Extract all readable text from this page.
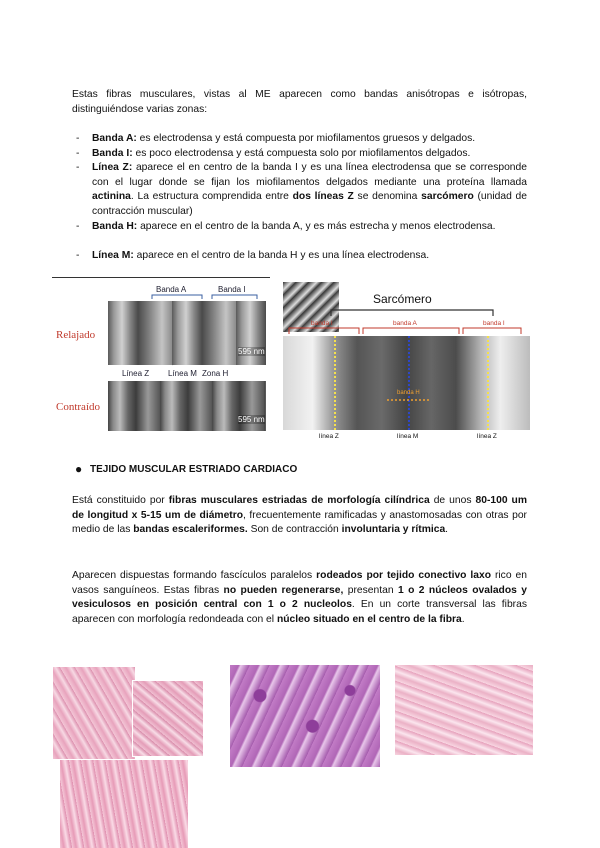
Estas fibras musculares, vistas al ME aparecen como bandas anisótropas e isótropas, distinguiéndose varias zonas:
- Banda A: es electrodensa y está compuesta por miofilamentos gruesos y delgados.
- Banda I: es poco electrodensa y está compuesta solo por miofilamentos delgados.
- Línea Z: aparece el en centro de la banda I y es una línea electrodensa que se corresponde con el lugar donde se fijan los miofilamentos delgados mediante una proteína llamada actinina. La estructura comprendida entre dos líneas Z se denomina sarcómero (unidad de contracción muscular)
- Banda H: aparece en el centro de la banda A, y es más estrecha y menos electrodensa.
- Línea M: aparece en el centro de la banda H y es una línea electrodensa.
Banda A	Banda I
595 nm
Relajado
Línea Z Línea M Zona H
595 nm
Contraído
Sarcómero
banda I	banda A	banda I
banda H
línea Z	línea M	línea Z
● TEJIDO MUSCULAR ESTRIADO CARDIACO
Está constituido por fibras musculares estriadas de morfología cilíndrica de unos 80-100 um de longitud x 5-15 um de diámetro, frecuentemente ramificadas y anastomosadas con otras por medio de las bandas escaleriformes. Son de contracción involuntaria y rítmica.
Aparecen dispuestas formando fascículos paralelos rodeados por tejido conectivo laxo rico en vasos sanguíneos. Estas fibras no pueden regenerarse, presentan 1 o 2 núcleos ovalados y vesiculosos en posición central con 1 o 2 nucleolos. En un corte transversal las fibras aparecen con morfología redondeada con el núcleo situado en el centro de la fibra.
